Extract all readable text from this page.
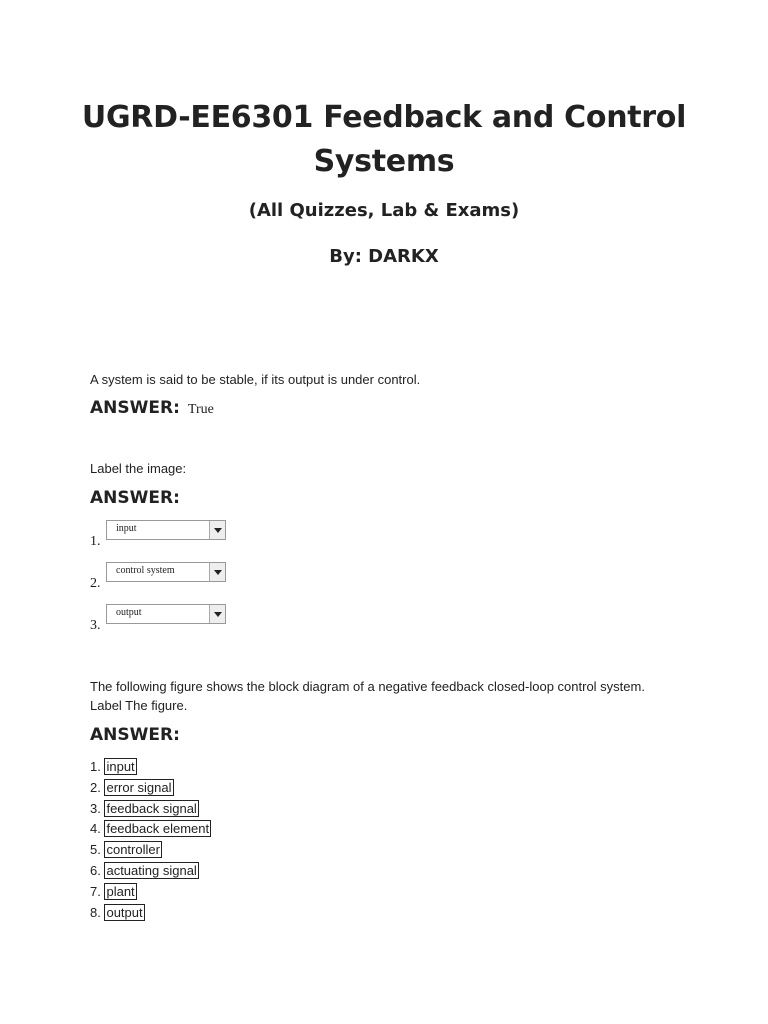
UGRD-EE6301 Feedback and Control Systems
(All Quizzes, Lab & Exams)
By: DARKX
A system is said to be stable, if its output is under control.
ANSWER: True
Label the image:
ANSWER:
1.
input
2.
control system
3.
output
The following figure shows the block diagram of a negative feedback closed-loop control system. Label The figure.
ANSWER:
1. input
2. error signal
3. feedback signal
4. feedback element
5. controller
6. actuating signal
7. plant
8. output
